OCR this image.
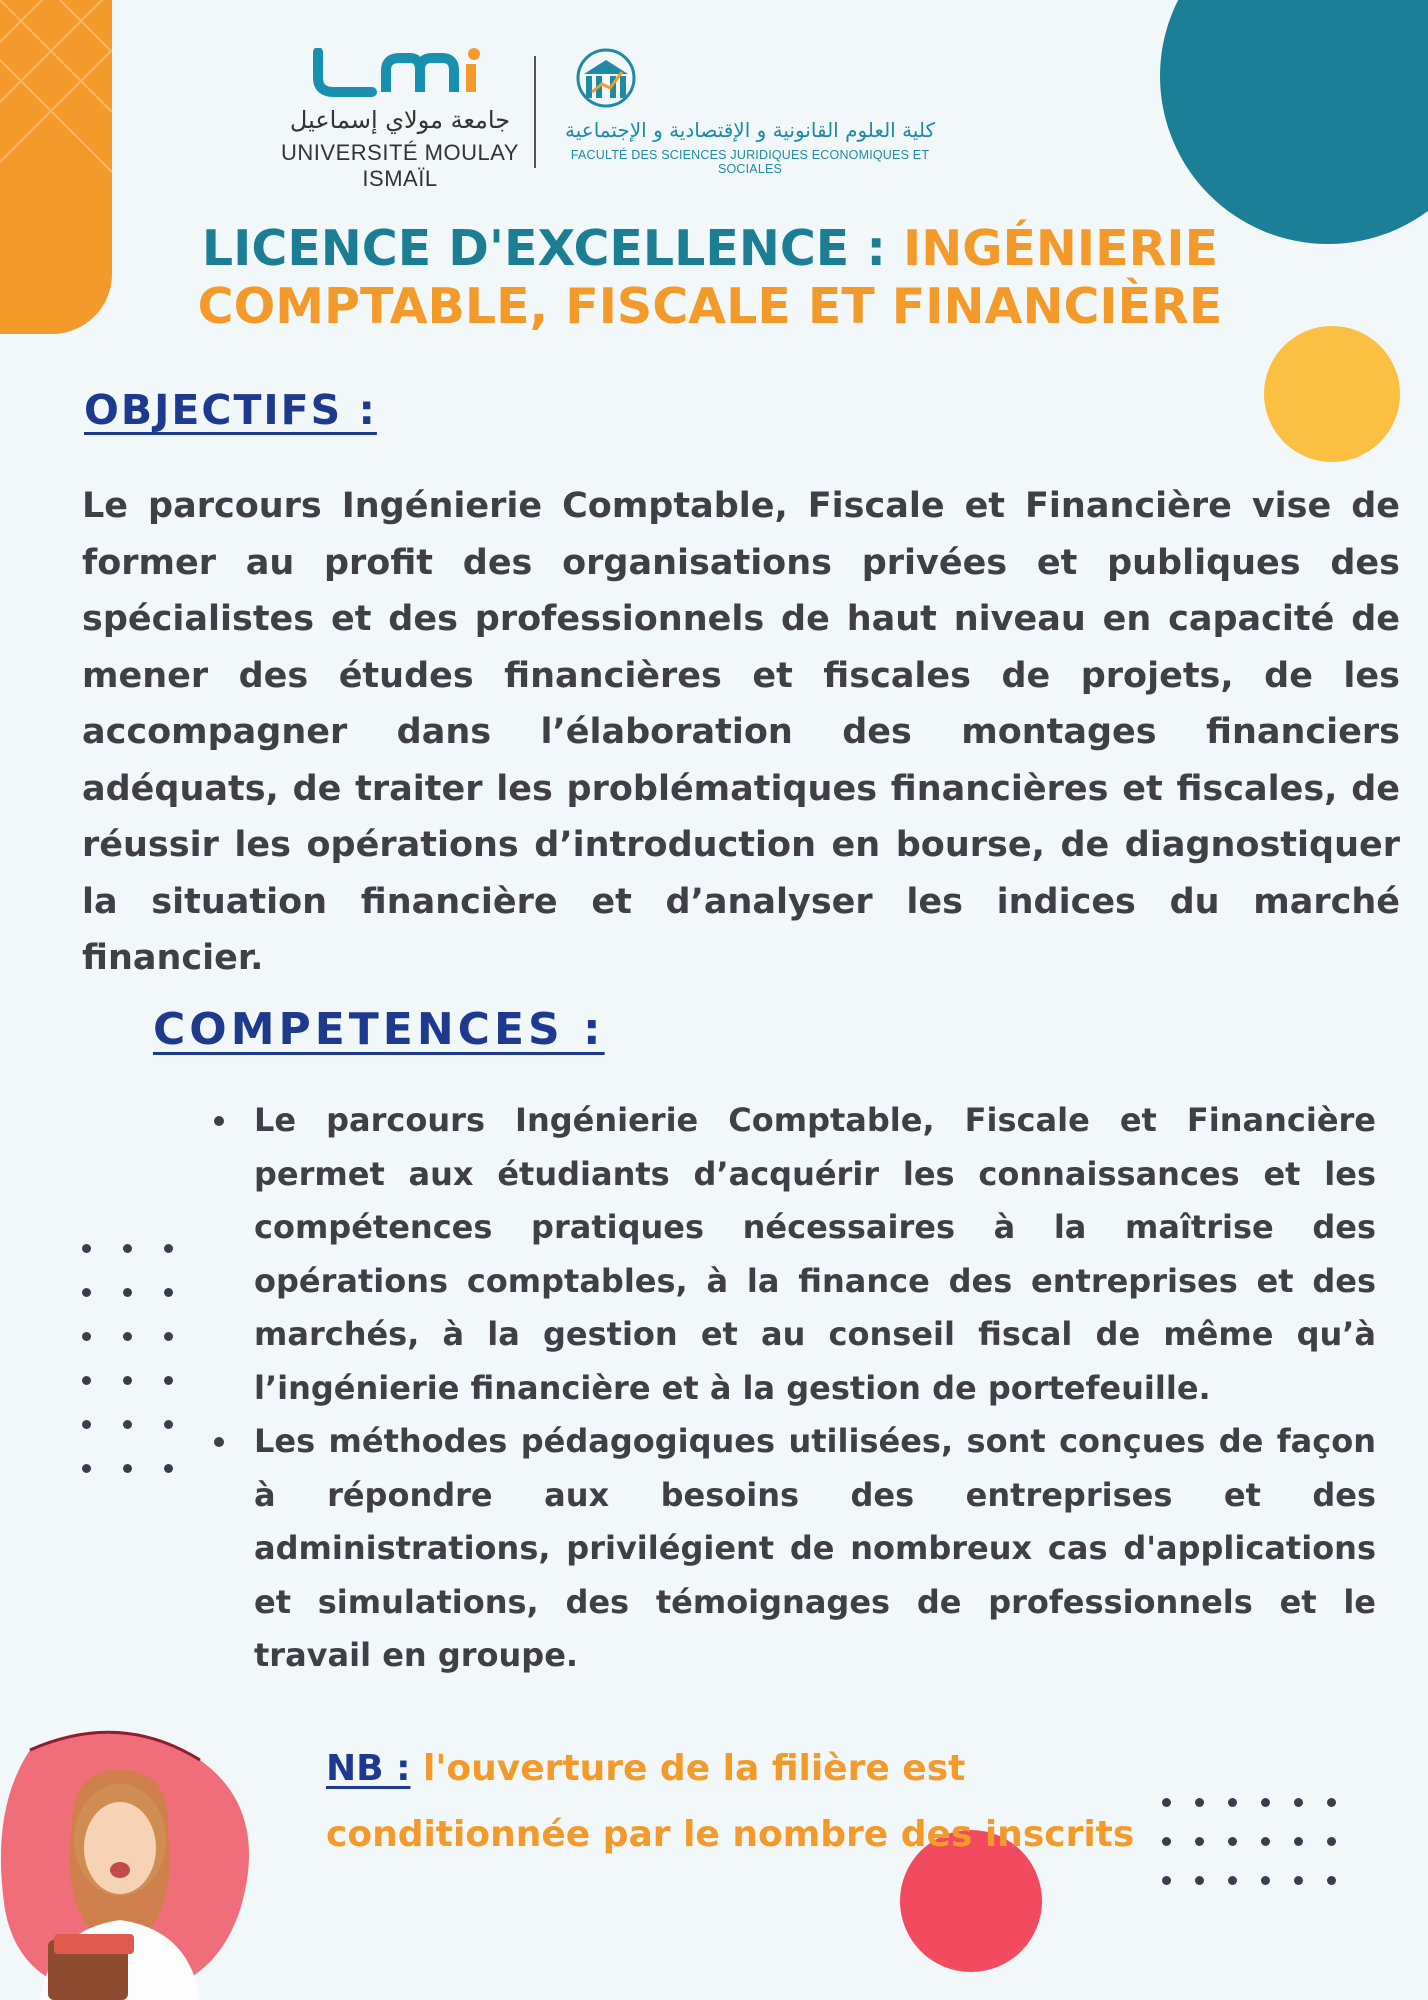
جامعة مولاي إسماعيل
UNIVERSITÉ MOULAY ISMAÏL
كلية العلوم القانونية و الإقتصادية و الإجتماعية
FACULTÉ DES SCIENCES JURIDIQUES ECONOMIQUES ET SOCIALES
LICENCE D'EXCELLENCE : INGÉNIERIE COMPTABLE, FISCALE ET FINANCIÈRE
OBJECTIFS :
Le parcours Ingénierie Comptable, Fiscale et Financière vise de former au profit des organisations privées et publiques des spécialistes et des professionnels de haut niveau en capacité de mener des études financières et fiscales de projets, de les accompagner dans l’élaboration des montages financiers adéquats, de traiter les problématiques financières et fiscales, de réussir les opérations d’introduction en bourse, de diagnostiquer la situation financière et d’analyser les indices du marché financier.
COMPETENCES :
Le parcours Ingénierie Comptable, Fiscale et Financière permet aux étudiants d’acquérir les connaissances et les compétences pratiques nécessaires à la maîtrise des opérations comptables, à la finance des entreprises et des marchés, à la gestion et au conseil fiscal de même qu’à l’ingénierie financière et à la gestion de portefeuille.
Les méthodes pédagogiques utilisées, sont conçues de façon à répondre aux besoins des entreprises et des administrations, privilégient de nombreux cas d'applications et simulations, des témoignages de professionnels et le travail en groupe.
NB : l'ouverture de la filière est conditionnée par le nombre des inscrits
